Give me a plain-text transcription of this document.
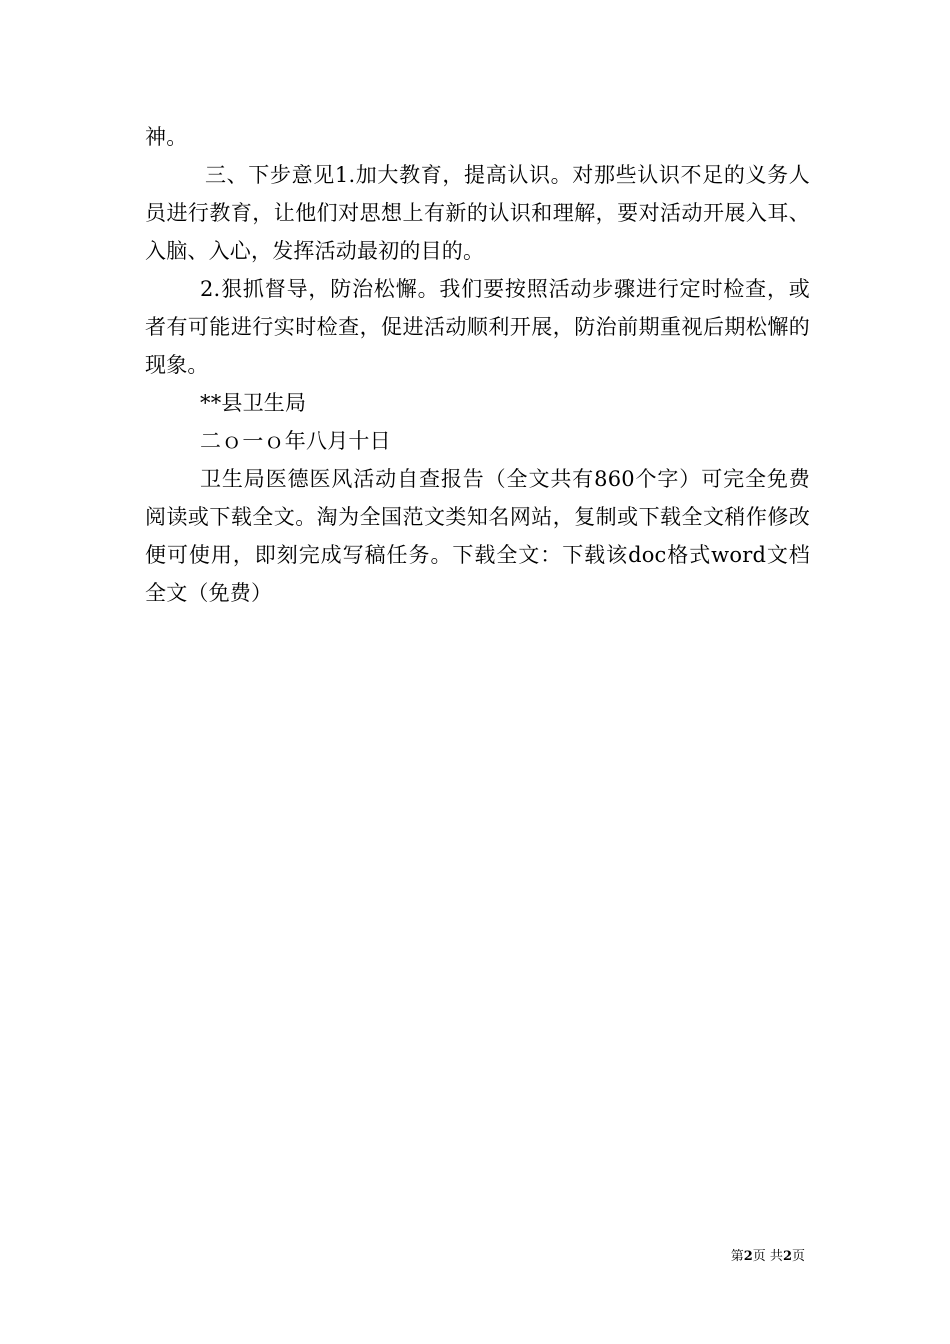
神。

三、下步意见1.加大教育，提高认识。对那些认识不足的义务人员进行教育，让他们对思想上有新的认识和理解，要对活动开展入耳、入脑、入心，发挥活动最初的目的。

2.狠抓督导，防治松懈。我们要按照活动步骤进行定时检查，或者有可能进行实时检查，促进活动顺利开展，防治前期重视后期松懈的现象。

**县卫生局

二ｏ一ｏ年八月十日

卫生局医德医风活动自查报告（全文共有860个字）可完全免费阅读或下载全文。淘为全国范文类知名网站，复制或下载全文稍作修改便可使用，即刻完成写稿任务。下载全文：下载该doc格式word文档全文（免费）

第2页 共2页
